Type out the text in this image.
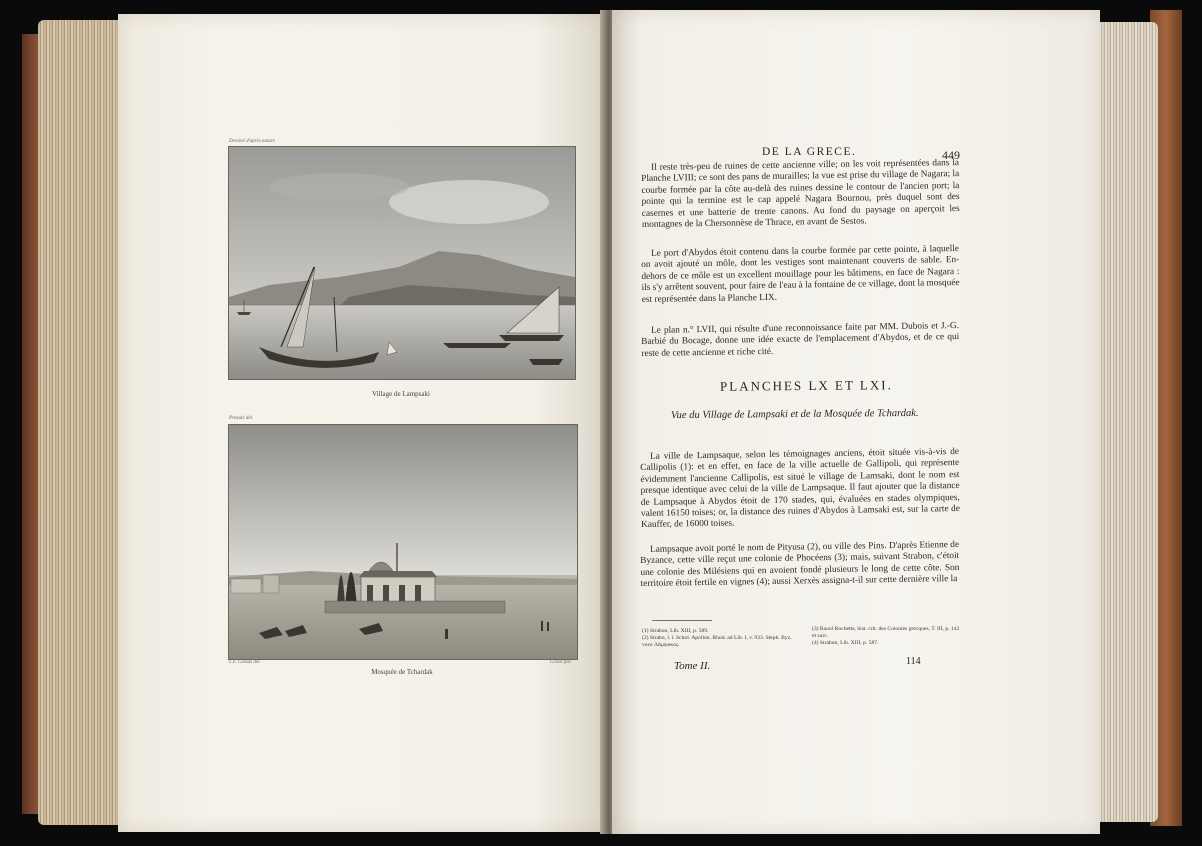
Dessiné d'après nature
Village de Lampsaki
Preaulx del.
L.F. Cassas del.	Gravé par
Mosquée de Tchardak
DE LA GRECE.	449

Il reste très-peu de ruines de cette ancienne ville; on les voit représentées dans la Planche LVIII; ce sont des pans de murailles; la vue est prise du village de Nagara; la courbe formée par la côte au-delà des ruines dessine le contour de l'ancien port; la pointe qui la termine est le cap appelé Nagara Bournou, près duquel sont des casernes et une batterie de trente canons. Au fond du paysage on aperçoit les montagnes de la Chersonnèse de Thrace, en avant de Sestos.

Le port d'Abydos étoit contenu dans la courbe formée par cette pointe, à laquelle on avoit ajouté un môle, dont les vestiges sont maintenant couverts de sable. En-dehors de ce môle est un excellent mouillage pour les bâtimens, en face de Nagara : ils s'y arrêtent souvent, pour faire de l'eau à la fontaine de ce village, dont la mosquée est représentée dans la Planche LIX.

Le plan n.° LVII, qui résulte d'une reconnoissance faite par MM. Dubois et J.-G. Barbié du Bocage, donne une idée exacte de l'emplacement d'Abydos, et de ce qui reste de cette ancienne et riche cité.

PLANCHES LX ET LXI.
Vue du Village de Lampsaki et de la Mosquée de Tchardak.

La ville de Lampsaque, selon les témoignages anciens, étoit située vis-à-vis de Callipolis (1): et en effet, en face de la ville actuelle de Gallipoli, qui représente évidemment l'ancienne Callipolis, est situé le village de Lamsaki, dont le nom est presque identique avec celui de la ville de Lampsaque. Il faut ajouter que la distance de Lampsaque à Abydos étoit de 170 stades, qui, évaluées en stades olympiques, valent 16150 toises; or, la distance des ruines d'Abydos à Lamsaki est, sur la carte de Kauffer, de 16000 toises.

Lampsaque avoit porté le nom de Pityusa (2), ou ville des Pins. D'après Etienne de Byzance, cette ville reçut une colonie de Phocéens (3); mais, suivant Strabon, c'étoit une colonie des Milésiens qui en avoient fondé plusieurs le long de cette côte. Son territoire étoit fertile en vignes (4); aussi Xerxès assigna-t-il sur cette dernière ville la

(1) Strabon, Lib. XIII, p. 589.
(2) Strabo, l. l. Schol. Apollon. Rhod. ad Lib. I, v. 933. Steph. Byz. voce Λάμψακος.
(3) Raoul Rochette, hist. crit. des Colonies grecques, T. III, p. 142 et suiv.
(4) Strabon, Lib. XIII, p. 587.
Tome II.	114
